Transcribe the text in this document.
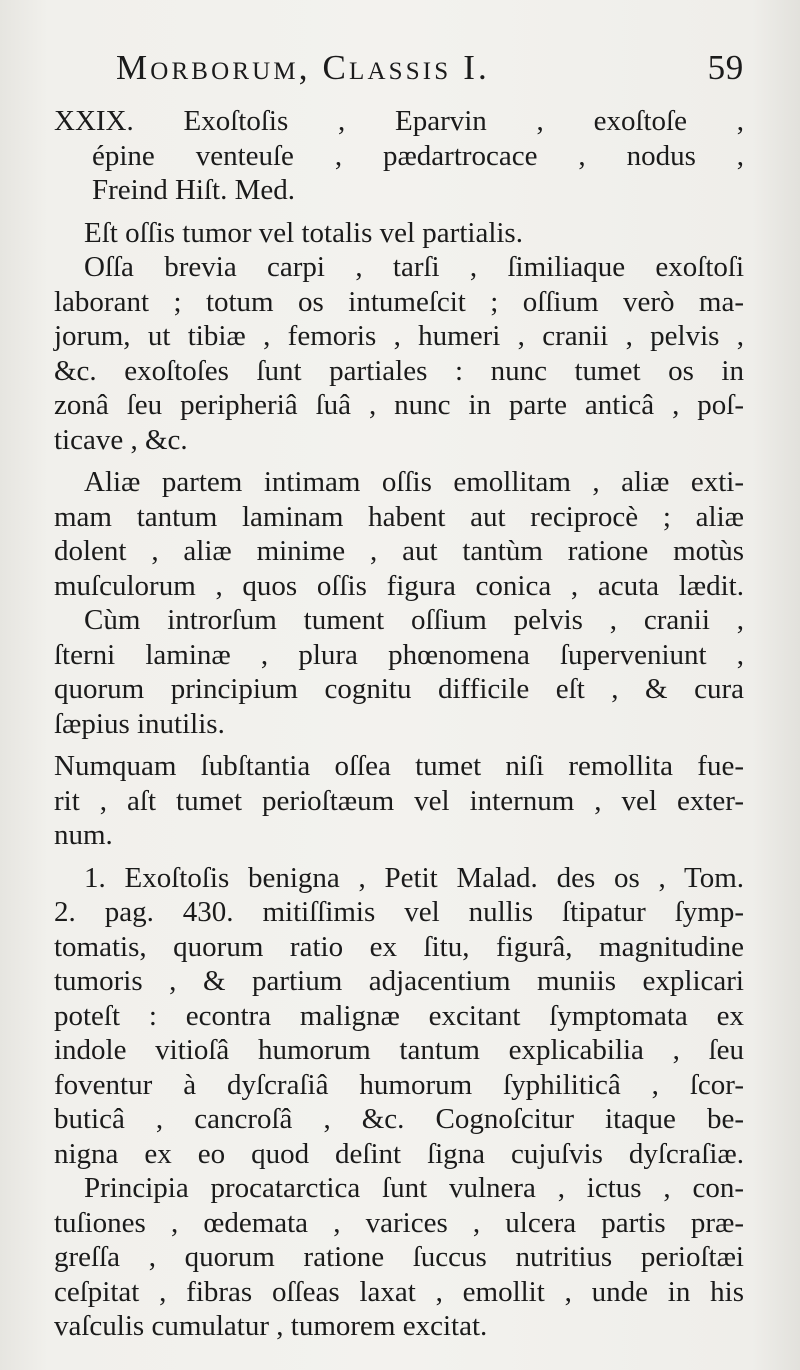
Morborum, Classis I.	59
XXIX. Exoſtoſis , Eparvin , exoſtoſe ,
épine venteuſe , pædartrocace , nodus ,
Freind Hiſt. Med.
Eſt oſſis tumor vel totalis vel partialis.
Oſſa brevia carpi , tarſi , ſimiliaque exoſtoſi
laborant ; totum os intumeſcit ; oſſium verò ma-
jorum, ut tibiæ , femoris , humeri , cranii , pelvis ,
&c. exoſtoſes ſunt partiales : nunc tumet os in
zonâ ſeu peripheriâ ſuâ , nunc in parte anticâ , poſ-
ticave , &c.
Aliæ partem intimam oſſis emollitam , aliæ exti-
mam tantum laminam habent aut reciprocè ; aliæ
dolent , aliæ minime , aut tantùm ratione motùs
muſculorum , quos oſſis figura conica , acuta lædit.
Cùm introrſum tument oſſium pelvis , cranii ,
ſterni laminæ , plura phœnomena ſuperveniunt ,
quorum principium cognitu difficile eſt , & cura
ſæpius inutilis.
Numquam ſubſtantia oſſea tumet niſi remollita fue-
rit , aſt tumet perioſtæum vel internum , vel exter-
num.
1. Exoſtoſis benigna , Petit Malad. des os , Tom.
2. pag. 430. mitiſſimis vel nullis ſtipatur ſymp-
tomatis, quorum ratio ex ſitu, figurâ, magnitudine
tumoris , & partium adjacentium muniis explicari
poteſt : econtra malignæ excitant ſymptomata ex
indole vitioſâ humorum tantum explicabilia , ſeu
foventur à dyſcraſiâ humorum ſyphiliticâ , ſcor-
buticâ , cancroſâ , &c. Cognoſcitur itaque be-
nigna ex eo quod deſint ſigna cujuſvis dyſcraſiæ.
Principia procatarctica ſunt vulnera , ictus , con-
tuſiones , œdemata , varices , ulcera partis præ-
greſſa , quorum ratione ſuccus nutritius perioſtæi
ceſpitat , fibras oſſeas laxat , emollit , unde in his
vaſculis cumulatur , tumorem excitat.
